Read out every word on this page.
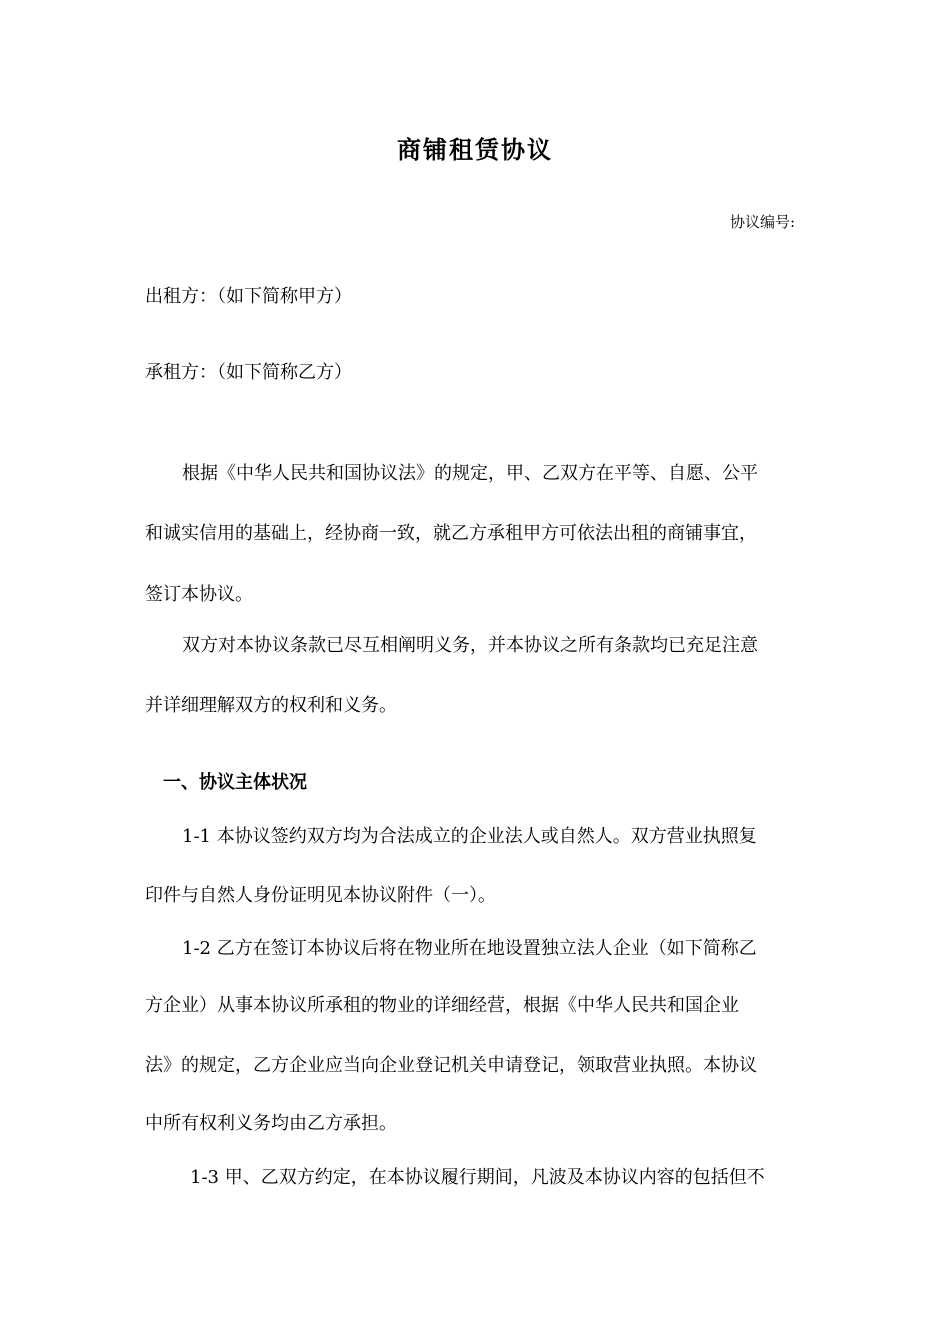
商铺租赁协议
协议编号:
出租方：（如下简称甲方）
承租方：（如下简称乙方）
根据《中华人民共和国协议法》的规定，甲、乙双方在平等、自愿、公平
和诚实信用的基础上，经协商一致，就乙方承租甲方可依法出租的商铺事宜，
签订本协议。
双方对本协议条款已尽互相阐明义务，并本协议之所有条款均已充足注意
并详细理解双方的权利和义务。
一、协议主体状况
1-1 本协议签约双方均为合法成立的企业法人或自然人。双方营业执照复
印件与自然人身份证明见本协议附件（一）。
1-2 乙方在签订本协议后将在物业所在地设置独立法人企业（如下简称乙
方企业）从事本协议所承租的物业的详细经营，根据《中华人民共和国企业
法》的规定，乙方企业应当向企业登记机关申请登记，领取营业执照。本协议
中所有权利义务均由乙方承担。
1-3 甲、乙双方约定，在本协议履行期间，凡波及本协议内容的包括但不
